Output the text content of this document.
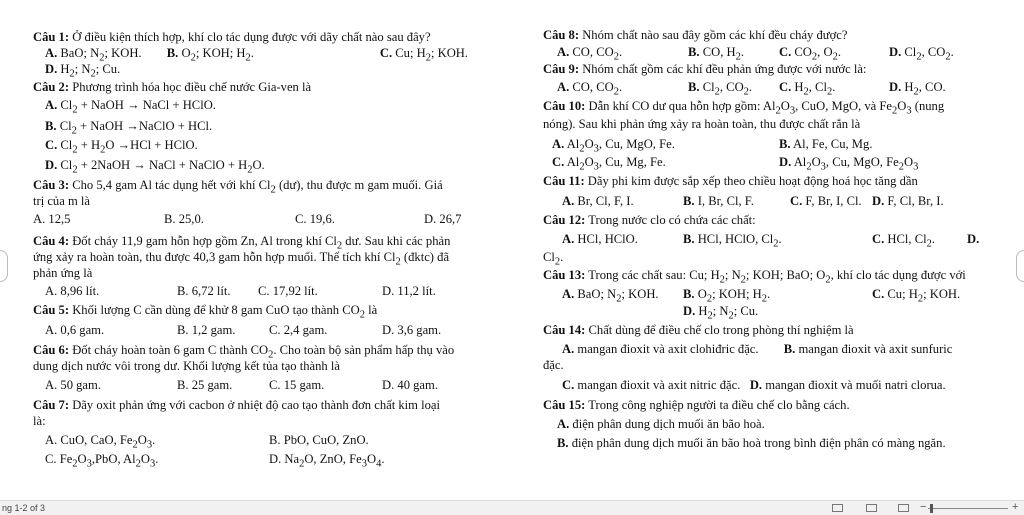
Câu 1: Ở điều kiện thích hợp, khí clo tác dụng được với dãy chất nào sau đây?
A. BaO; $N_2$; KOH.        B. $O_2$; KOH; $H_2$.                                        C. Cu; $H_2$; KOH.
D. $H_2$; $N_2$; Cu.
Câu 2: Phương trình hóa học điều chế nước Gia-ven là
A. $Cl_2$ + NaOH → NaCl + HClO.
B. $Cl_2$ + NaOH →NaClO + HCl.
C. $Cl_2 + H_2O \to HCl$ + HClO.
D. $Cl_2$ + 2NaOH → NaCl + NaClO + $H_2O$.
Câu 3: Cho 5,4 gam Al tác dụng hết với khí $Cl_2$ (dư), thu được m gam muối. Giá
trị của m là
A. 12,5	B. 25,0.	C. 19,6.	D. 26,7
Câu 4: Đốt cháy 11,9 gam hỗn hợp gồm Zn, Al trong khí $Cl_2$ dư. Sau khi các phản
ứng xảy ra hoàn toàn, thu được 40,3 gam hỗn hợp muối. Thể tích khí $Cl_2$ (đktc) đã
phản ứng là
A. 8,96 lít.	B. 6,72 lít. C. 17,92 lít.	D. 11,2 lít.
Câu 5: Khối lượng C cần dùng để khử 8 gam CuO tạo thành $CO_2$ là
A. 0,6 gam.	B. 1,2 gam.	C. 2,4 gam.	D. 3,6 gam.
Câu 6: Đốt cháy hoàn toàn 6 gam C thành $CO_2$. Cho toàn bộ sản phẩm hấp thụ vào
dung dịch nước vôi trong dư. Khối lượng kết tủa tạo thành là
A. 50 gam.	B. 25 gam.	C. 15 gam.	D. 40 gam.
Câu 7: Dãy oxit phản ứng với cacbon ở nhiệt độ cao tạo thành đơn chất kim loại
là:
A. CuO, CaO, $Fe_2O_3$.	B. PbO, CuO, ZnO.
C. $Fe_2O_3,PbO$, $Al_2O_3$.	D. $Na_2O$, ZnO, $Fe_3O_4$.
Câu 8: Nhóm chất nào sau đây gồm các khí đều cháy được?
A. CO, $CO_2$.	B. CO, $H_2$.	C. $CO_2$, $O_2$.	D. $Cl_2$, $CO_2$.
Câu 9: Nhóm chất gồm các khí đều phản ứng được với nước là:
A. CO, $CO_2$.	B. $Cl_2$, $CO_2$. C. $H_2$, $Cl_2$.	D. $H_2$, CO.
Câu 10: Dẫn khí CO dư qua hỗn hợp gồm: $Al_2O_3$, CuO, MgO, và $Fe_2O_3$ (nung
nóng). Sau khi phản ứng xảy ra hoàn toàn, thu được chất rắn là
A. $Al_2O_3$, Cu, MgO, Fe.	B. Al, Fe, Cu, Mg.
C. $Al_2O_3$, Cu, Mg, Fe.	D. $Al_2O_3$, Cu, MgO, $Fe_2O_3$
Câu 11: Dãy phi kim được sắp xếp theo chiều hoạt động hoá học tăng dần
A. Br, Cl, F, I.	B. I, Br, Cl, F.	C. F, Br, I, Cl. D. F, Cl, Br, I.
Câu 12: Trong nước clo có chứa các chất:
A. HCl, HClO.	B. HCl, HClO, $Cl_2$.	C. HCl, $Cl_2$.	D.
$Cl_2$.
Câu 13: Trong các chất sau: Cu; $H_2$; $N_2$; KOH; BaO; $O_2$, khí clo tác dụng được với
A. BaO; $N_2$; KOH. B. $O_2$; KOH; $H_2$.	C. Cu; $H_2$; KOH.
D. $H_2$; $N_2$; Cu.
Câu 14: Chất dùng để điều chế clo trong phòng thí nghiệm là
A. mangan đioxit và axit clohiđric đặc.        B. mangan đioxit và axit sunfuric
đặc.
C. mangan đioxit và axit nitric đặc.   D. mangan đioxit và muối natri clorua.
Câu 15: Trong công nghiệp người ta điều chế clo bằng cách.
A. điện phân dung dịch muối ăn bão hoà.
B. điện phân dung dịch muối ăn bão hoà trong bình điện phân có màng ngăn.
ng 1-2 of 3	−	+
